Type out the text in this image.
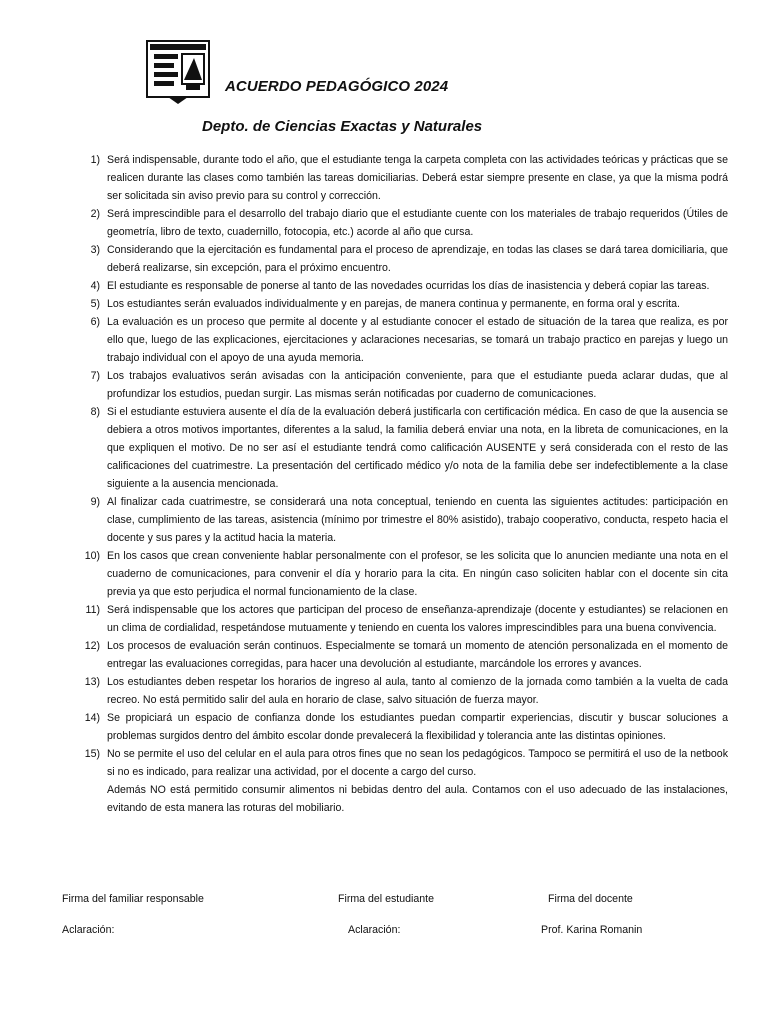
ACUERDO PEDAGÓGICO 2024
Depto. de Ciencias Exactas y Naturales
1) Será indispensable, durante todo el año, que el estudiante tenga la carpeta completa con las actividades teóricas y prácticas que se realicen durante las clases como también las tareas domiciliarias. Deberá estar siempre presente en clase, ya que la misma podrá ser solicitada sin aviso previo para su control y corrección.
2) Será imprescindible para el desarrollo del trabajo diario que el estudiante cuente con los materiales de trabajo requeridos (Útiles de geometría, libro de texto, cuadernillo, fotocopia, etc.) acorde al año que cursa.
3) Considerando que la ejercitación es fundamental para el proceso de aprendizaje, en todas las clases se dará tarea domiciliaria, que deberá realizarse, sin excepción, para el próximo encuentro.
4) El estudiante es responsable de ponerse al tanto de las novedades ocurridas los días de inasistencia y deberá copiar las tareas.
5) Los estudiantes serán evaluados individualmente y en parejas, de manera continua y permanente, en forma oral y escrita.
6) La evaluación es un proceso que permite al docente y al estudiante conocer el estado de situación de la tarea que realiza, es por ello que, luego de las explicaciones, ejercitaciones y aclaraciones necesarias, se tomará un trabajo practico en parejas y luego un trabajo individual con el apoyo de una ayuda memoria.
7) Los trabajos evaluativos serán avisadas con la anticipación conveniente, para que el estudiante pueda aclarar dudas, que al profundizar los estudios, puedan surgir. Las mismas serán notificadas por cuaderno de comunicaciones.
8) Si el estudiante estuviera ausente el día de la evaluación deberá justificarla con certificación médica. En caso de que la ausencia se debiera a otros motivos importantes, diferentes a la salud, la familia deberá enviar una nota, en la libreta de comunicaciones, en la que expliquen el motivo. De no ser así el estudiante tendrá como calificación AUSENTE y será considerada con el resto de las calificaciones del cuatrimestre. La presentación del certificado médico y/o nota de la familia debe ser indefectiblemente a la clase siguiente a la ausencia mencionada.
9) Al finalizar cada cuatrimestre, se considerará una nota conceptual, teniendo en cuenta las siguientes actitudes: participación en clase, cumplimiento de las tareas, asistencia (mínimo por trimestre el 80% asistido), trabajo cooperativo, conducta, respeto hacia el docente y sus pares y la actitud hacia la materia.
10) En los casos que crean conveniente hablar personalmente con el profesor, se les solicita que lo anuncien mediante una nota en el cuaderno de comunicaciones, para convenir el día y horario para la cita. En ningún caso soliciten hablar con el docente sin cita previa ya que esto perjudica el normal funcionamiento de la clase.
11) Será indispensable que los actores que participan del proceso de enseñanza-aprendizaje (docente y estudiantes) se relacionen en un clima de cordialidad, respetándose mutuamente y teniendo en cuenta los valores imprescindibles para una buena convivencia.
12) Los procesos de evaluación serán continuos. Especialmente se tomará un momento de atención personalizada en el momento de entregar las evaluaciones corregidas, para hacer una devolución al estudiante, marcándole los errores y avances.
13) Los estudiantes deben respetar los horarios de ingreso al aula, tanto al comienzo de la jornada como también a la vuelta de cada recreo. No está permitido salir del aula en horario de clase, salvo situación de fuerza mayor.
14) Se propiciará un espacio de confianza donde los estudiantes puedan compartir experiencias, discutir y buscar soluciones a problemas surgidos dentro del ámbito escolar donde prevalecerá la flexibilidad y tolerancia ante las distintas opiniones.
15) No se permite el uso del celular en el aula para otros fines que no sean los pedagógicos. Tampoco se permitirá el uso de la netbook si no es indicado, para realizar una actividad, por el docente a cargo del curso.
Además NO está permitido consumir alimentos ni bebidas dentro del aula. Contamos con el uso adecuado de las instalaciones, evitando de esta manera las roturas del mobiliario.
Firma del familiar responsable	Firma del estudiante	Firma del docente
Aclaración:	Aclaración:	Prof. Karina Romanin
